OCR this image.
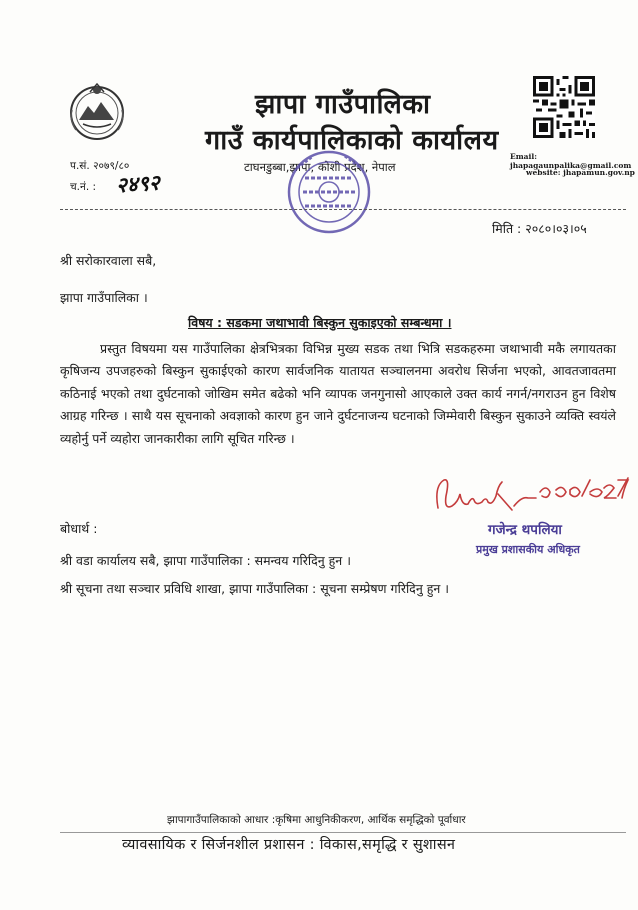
झापा गाउँपालिका
गाउँ कार्यपालिकाको कार्यालय
टाघनडुब्बा,झापा, कोशी प्रदेश, नेपाल
प.सं. २०७९/८०
च.नं. : २४९२
Email: jhapagaunpalika@gmail.com
website: jhapamun.gov.np
मिति : २०८०।०३।०५
श्री सरोकारवाला सबै,
झापा गाउँपालिका ।
विषय : सडकमा जथाभावी बिस्कुन सुकाइएको सम्बन्धमा ।
प्रस्तुत विषयमा यस गाउँपालिका क्षेत्रभित्रका विभिन्न मुख्य सडक तथा भित्रि सडकहरुमा जथाभावी मकै लगायतका कृषिजन्य उपजहरुको बिस्कुन सुकाईएको कारण सार्वजनिक यातायत सञ्चालनमा अवरोध सिर्जना भएको, आवतजावतमा कठिनाई भएको तथा दुर्घटनाको जोखिम समेत बढेको भनि व्यापक जनगुनासो आएकाले उक्त कार्य नगर्न/नगराउन हुन विशेष आग्रह गरिन्छ । साथै यस सूचनाको अवज्ञाको कारण हुन जाने दुर्घटनाजन्य घटनाको जिम्मेवारी बिस्कुन सुकाउने व्यक्ति स्वयंले व्यहोर्नु पर्ने व्यहोरा जानकारीका लागि सूचित गरिन्छ ।
गजेन्द्र थपलिया
प्रमुख प्रशासकीय अधिकृत
बोधार्थ :
श्री वडा कार्यालय सबै, झापा गाउँपालिका : समन्वय गरिदिनु हुन ।
श्री सूचना तथा सञ्चार प्रविधि शाखा, झापा गाउँपालिका : सूचना सम्प्रेषण गरिदिनु हुन ।
झापागाउँपालिकाको आधार :कृषिमा आधुनिकीकरण, आर्थिक समृद्धिको पूर्वाधार
व्यावसायिक र सिर्जनशील प्रशासन : विकास,समृद्धि र सुशासन
